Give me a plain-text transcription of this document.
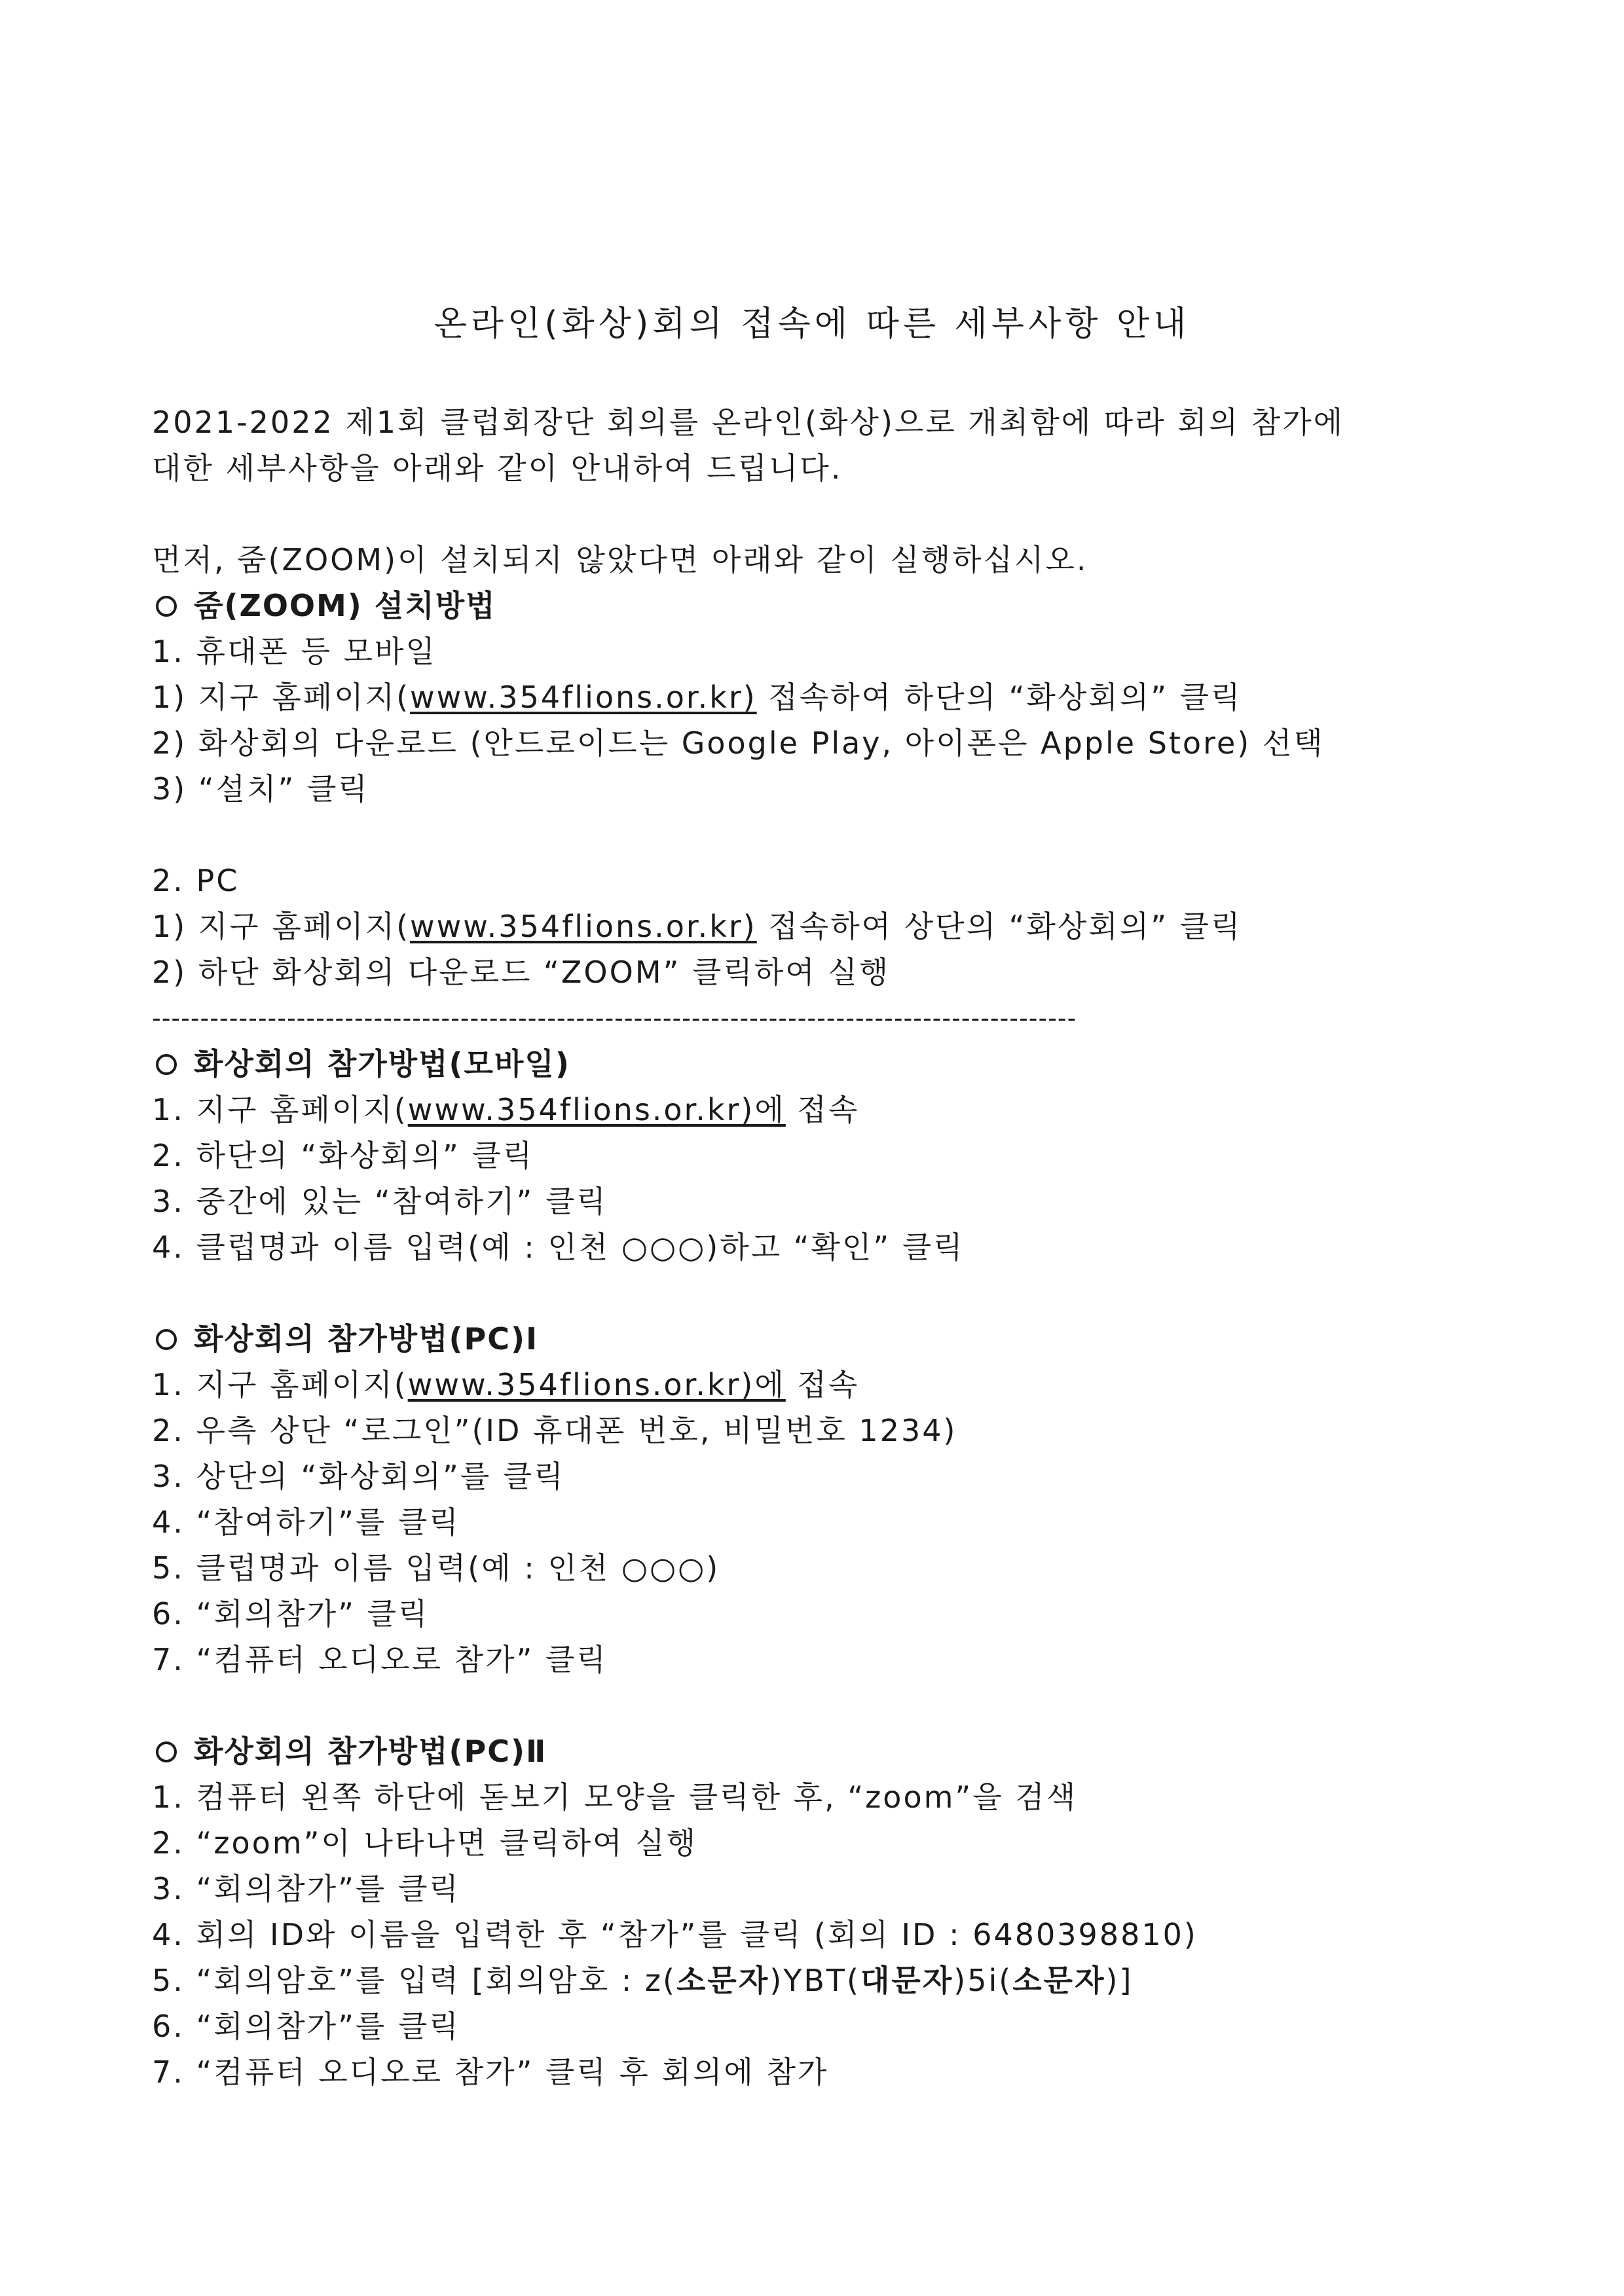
온라인(화상)회의 접속에 따른 세부사항 안내

2021-2022 제1회 클럽회장단 회의를 온라인(화상)으로 개최함에 따라 회의 참가에

대한 세부사항을 아래와 같이 안내하여 드립니다.

먼저, 줌(ZOOM)이 설치되지 않았다면 아래와 같이 실행하십시오.

줌(ZOOM) 설치방법

1. 휴대폰 등 모바일

1) 지구 홈페이지(www.354flions.or.kr) 접속하여 하단의 “화상회의” 클릭

2) 화상회의 다운로드 (안드로이드는 Google Play, 아이폰은 Apple Store) 선택

3) “설치” 클릭

2. PC

1) 지구 홈페이지(www.354flions.or.kr) 접속하여 상단의 “화상회의” 클릭

2) 하단 화상회의 다운로드 “ZOOM” 클릭하여 실행

------------------------------------------------------------------------------------------------

화상회의 참가방법(모바일)

1. 지구 홈페이지(www.354flions.or.kr)에 접속

2. 하단의 “화상회의” 클릭

3. 중간에 있는 “참여하기” 클릭

4. 클럽명과 이름 입력(예 : 인천 ○○○)하고 “확인” 클릭

화상회의 참가방법(PC)Ⅰ

1. 지구 홈페이지(www.354flions.or.kr)에 접속

2. 우측 상단 “로그인”(ID 휴대폰 번호, 비밀번호 1234)

3. 상단의 “화상회의”를 클릭

4. “참여하기”를 클릭

5. 클럽명과 이름 입력(예 : 인천 ○○○)

6. “회의참가” 클릭

7. “컴퓨터 오디오로 참가” 클릭

화상회의 참가방법(PC)Ⅱ

1. 컴퓨터 왼쪽 하단에 돋보기 모양을 클릭한 후, “zoom”을 검색

2. “zoom”이 나타나면 클릭하여 실행

3. “회의참가”를 클릭

4. 회의 ID와 이름을 입력한 후 “참가”를 클릭 (회의 ID : 6480398810)

5. “회의암호”를 입력 [회의암호 : z(소문자)YBT(대문자)5i(소문자)]

6. “회의참가”를 클릭

7. “컴퓨터 오디오로 참가” 클릭 후 회의에 참가
